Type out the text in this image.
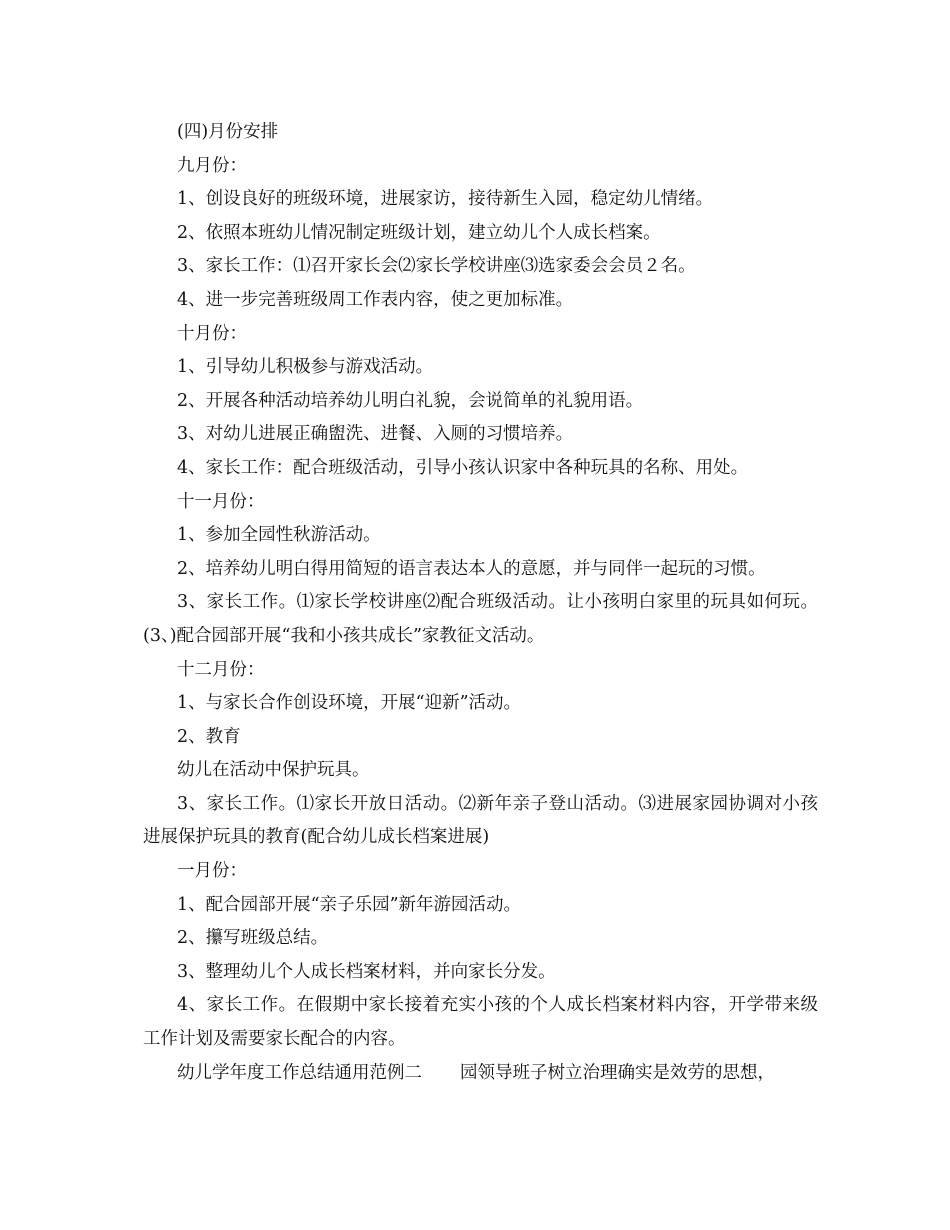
(四)月份安排

九月份：

1、创设良好的班级环境，进展家访，接待新生入园，稳定幼儿情绪。

2、依照本班幼儿情况制定班级计划，建立幼儿个人成长档案。

3、家长工作：⑴召开家长会⑵家长学校讲座⑶选家委会会员２名。

4、进一步完善班级周工作表内容，使之更加标准。

十月份：

1、引导幼儿积极参与游戏活动。

2、开展各种活动培养幼儿明白礼貌，会说简单的礼貌用语。

3、对幼儿进展正确盥洗、进餐、入厕的习惯培养。

4、家长工作：配合班级活动，引导小孩认识家中各种玩具的名称、用处。

十一月份：

1、参加全园性秋游活动。

2、培养幼儿明白得用简短的语言表达本人的意愿，并与同伴一起玩的习惯。

3、家长工作。⑴家长学校讲座⑵配合班级活动。让小孩明白家里的玩具如何玩。(3、)配合园部开展“我和小孩共成长”家教征文活动。

十二月份：

1、与家长合作创设环境，开展“迎新”活动。

2、教育

幼儿在活动中保护玩具。

3、家长工作。⑴家长开放日活动。⑵新年亲子登山活动。⑶进展家园协调对小孩进展保护玩具的教育(配合幼儿成长档案进展)

一月份：

1、配合园部开展“亲子乐园”新年游园活动。

2、攥写班级总结。

3、整理幼儿个人成长档案材料，并向家长分发。

4、家长工作。在假期中家长接着充实小孩的个人成长档案材料内容，开学带来级工作计划及需要家长配合的内容。

幼儿学年度工作总结通用范例二 园领导班子树立治理确实是效劳的思想，
